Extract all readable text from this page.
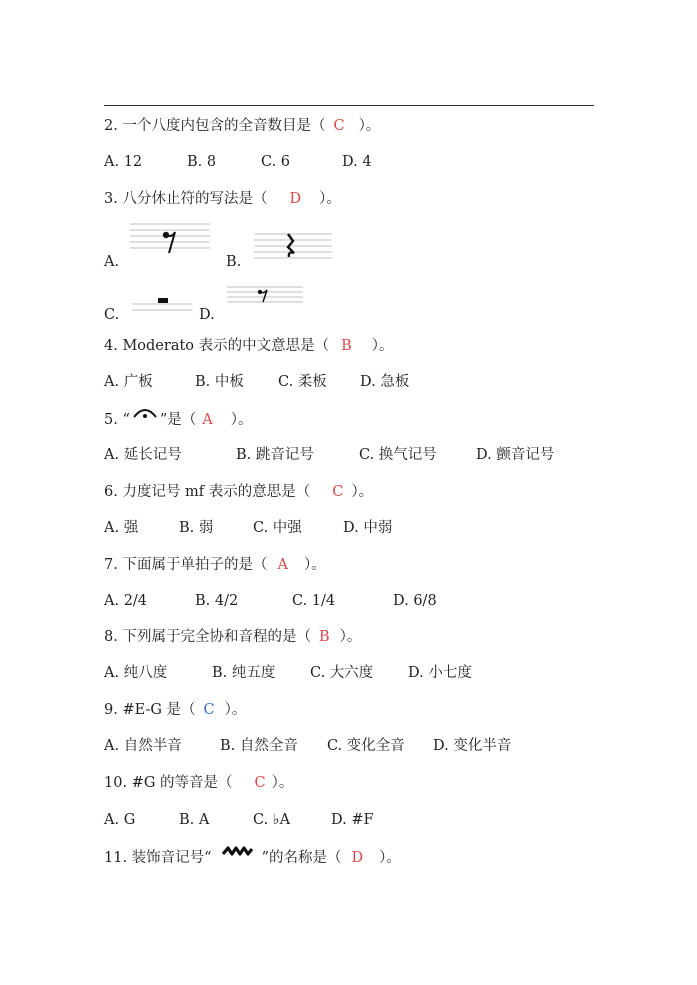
2. 一个八度内包含的全音数目是（ C ）。
A. 12	B. 8	C. 6	D. 4
3. 八分休止符的写法是（ D ）。
A.	B.
C.	D.
4. Moderato 表示的中文意思是（ B ）。
A. 广板	B. 中板 C. 柔板 D. 急板
5. “ ”是（ A ）。
A. 延长记号	B. 跳音记号	C. 换气记号	D. 颤音记号
6. 力度记号 mf 表示的意思是（ C ）。
A. 强	B. 弱	C. 中强	D. 中弱
7. 下面属于单拍子的是（ A ）。
A. 2/4	B. 4/2	C. 1/4	D. 6/8
8. 下列属于完全协和音程的是（ B ）。
A. 纯八度	B. 纯五度 C. 大六度 D. 小七度
9. #E-G 是（ C ）。
A. 自然半音	B. 自然全音 C. 变化全音 D. 变化半音
10. #G 的等音是（ C ）。
A. G	B. A	C. ♭A	D. #F
11. 装饰音记号“	”的名称是（ D ）。
